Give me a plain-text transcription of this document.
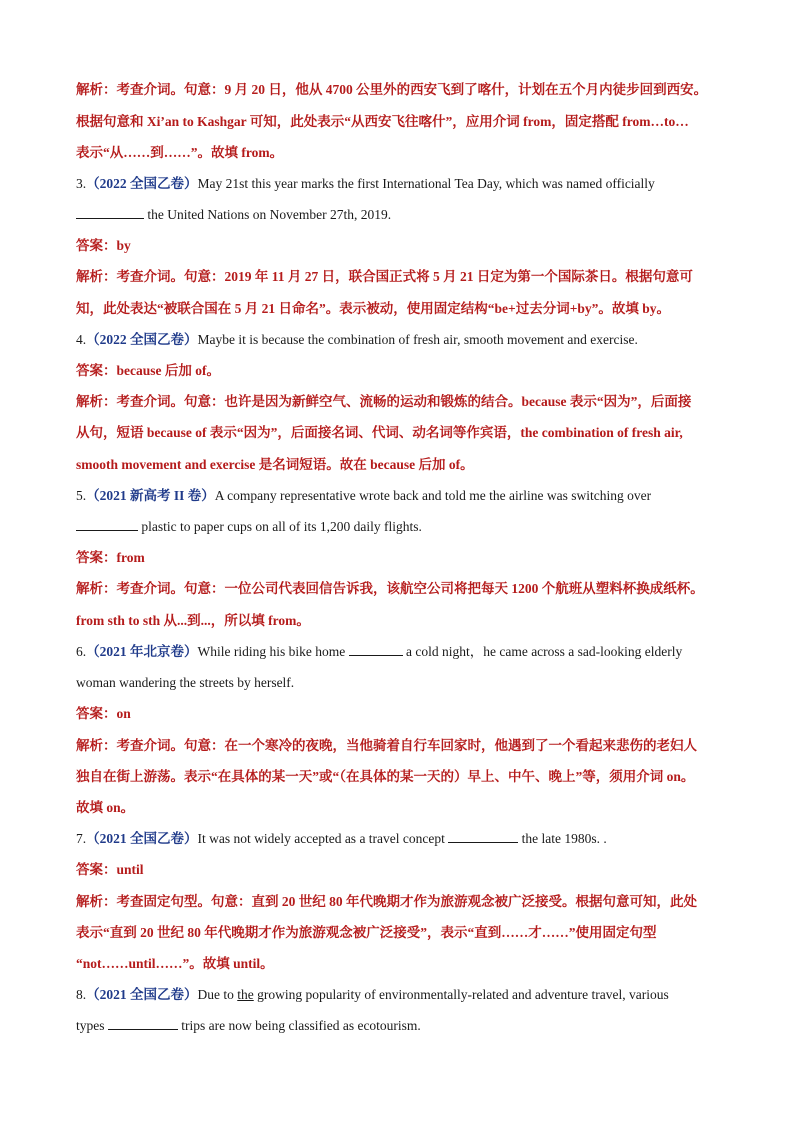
解析：考查介词。句意：9 月 20 日，他从 4700 公里外的西安飞到了喀什，计划在五个月内徒步回到西安。
根据句意和 Xi’an to Kashgar 可知，此处表示“从西安飞往喀什”，应用介词 from，固定搭配 from…to…
表示“从……到……”。故填 from。
3.（2022 全国乙卷）May 21st this year marks the first International Tea Day, which was named officially
the United Nations on November 27th, 2019.
答案：by
解析：考查介词。句意：2019 年 11 月 27 日，联合国正式将 5 月 21 日定为第一个国际茶日。根据句意可
知，此处表达“被联合国在 5 月 21 日命名”。表示被动，使用固定结构“be+过去分词+by”。故填 by。
4.（2022 全国乙卷）Maybe it is because the combination of fresh air, smooth movement and exercise.
答案：because 后加 of。
解析：考查介词。句意：也许是因为新鲜空气、流畅的运动和锻炼的结合。because 表示“因为”，后面接
从句，短语 because of 表示“因为”，后面接名词、代词、动名词等作宾语，the combination of fresh air,
smooth movement and exercise 是名词短语。故在 because 后加 of。
5.（2021 新高考 II 卷）A company representative wrote back and told me the airline was switching over
plastic to paper cups on all of its 1,200 daily flights.
答案：from
解析：考查介词。句意：一位公司代表回信告诉我，该航空公司将把每天 1200 个航班从塑料杯换成纸杯。
from sth to sth 从...到...，所以填 from。
6.（2021 年北京卷）While riding his bike home	a cold night，he came across a sad-looking elderly
woman wandering the streets by herself.
答案：on
解析：考查介词。句意：在一个寒冷的夜晚，当他骑着自行车回家时，他遇到了一个看起来悲伤的老妇人
独自在街上游荡。表示“在具体的某一天”或“（在具体的某一天的）早上、中午、晚上”等，须用介词 on。
故填 on。
7.（2021 全国乙卷）It was not widely accepted as a travel concept	the late 1980s. .
答案：until
解析：考查固定句型。句意：直到 20 世纪 80 年代晚期才作为旅游观念被广泛接受。根据句意可知，此处
表示“直到 20 世纪 80 年代晚期才作为旅游观念被广泛接受”，表示“直到……才……”使用固定句型
“not……until……”。故填 until。
8.（2021 全国乙卷）Due to the growing popularity of environmentally-related and adventure travel, various
types	trips are now being classified as ecotourism.
